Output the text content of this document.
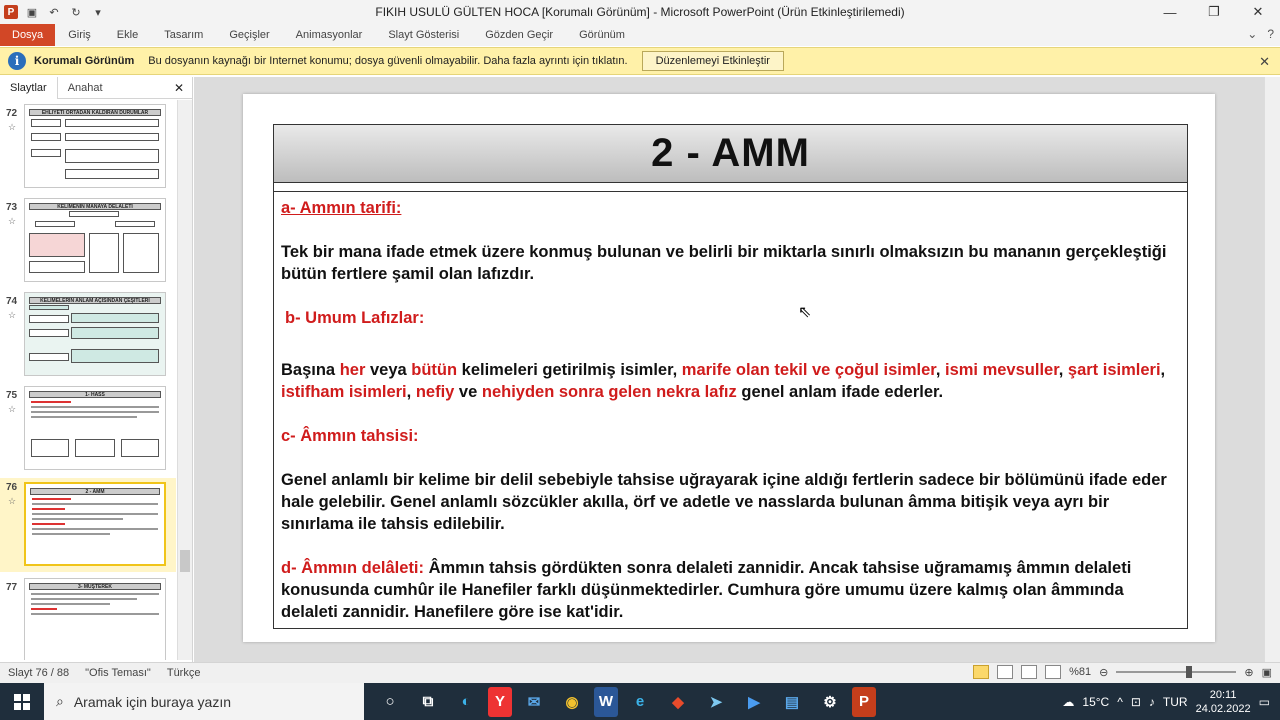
P	▣	↶	↻	▾	FIKIH USULÜ GÜLTEN HOCA [Korumalı Görünüm] - Microsoft PowerPoint (Ürün Etkinleştirilemedi)	—	❐	✕
Dosya	Giriş	Ekle	Tasarım	Geçişler	Animasyonlar	Slayt Gösterisi	Gözden Geçir	Görünüm	⌄ ?
i	Korumalı Görünüm Bu dosyanın kaynağı bir Internet konumu; dosya güvenli olmayabilir. Daha fazla ayrıntı için tıklatın.	Düzenlemeyi Etkinleştir	✕
Slaytlar	Anahat	✕
72
☆
EHLİYETİ ORTADAN KALDIRAN DURUMLAR
73
☆
KELİMENİN MANAYA DELALETİ
74
☆
KELİMELERİN ANLAM AÇISINDAN ÇEŞİTLERİ
75
☆
1- HASS
76
☆
2 - AMM
77	3- MÜŞTEREK
2 - AMM

a- Ammın tarifi:

Tek bir mana ifade etmek üzere konmuş bulunan ve belirli bir miktarla sınırlı olmaksızın bu mananın gerçekleştiği bütün fertlere şamil olan lafızdır.

b- Umum Lafızlar:

Başına her veya bütün kelimeleri getirilmiş isimler, marife olan tekil ve çoğul isimler, ismi mevsuller, şart isimleri, istifham isimleri, nefiy ve nehiyden sonra gelen nekra lafız genel anlam ifade ederler.

c- Âmmın tahsisi:

Genel anlamlı bir kelime bir delil sebebiyle tahsise uğrayarak içine aldığı fertlerin sadece bir bölümünü ifade eder hale gelebilir. Genel anlamlı sözcükler akılla, örf ve adetle ve nasslarda bulunan âmma bitişik veya ayrı bir sınırlama ile tahsis edilebilir.

d- Âmmın delâleti: Âmmın tahsis gördükten sonra delaleti zannidir. Ancak tahsise uğramamış âmmın delaleti konusunda cumhûr ile Hanefiler farklı düşünmektedirler. Cumhura göre umumu üzere kalmış olan âmmında delaleti zannidir. Hanefilere göre ise kat'idir.

⇖
Slayt 76 / 88	"Ofis Teması"	Türkçe	%81 ⊖	⊕ ▣
⌕ Aramak için buraya yazın	○	⧉	◐	Y	✉	◉	W	e	◆	➤	▶	▤	⚙	P	☁ 15°C ^ ⊡ ♪ TUR	20:11
24.02.2022 ▭
